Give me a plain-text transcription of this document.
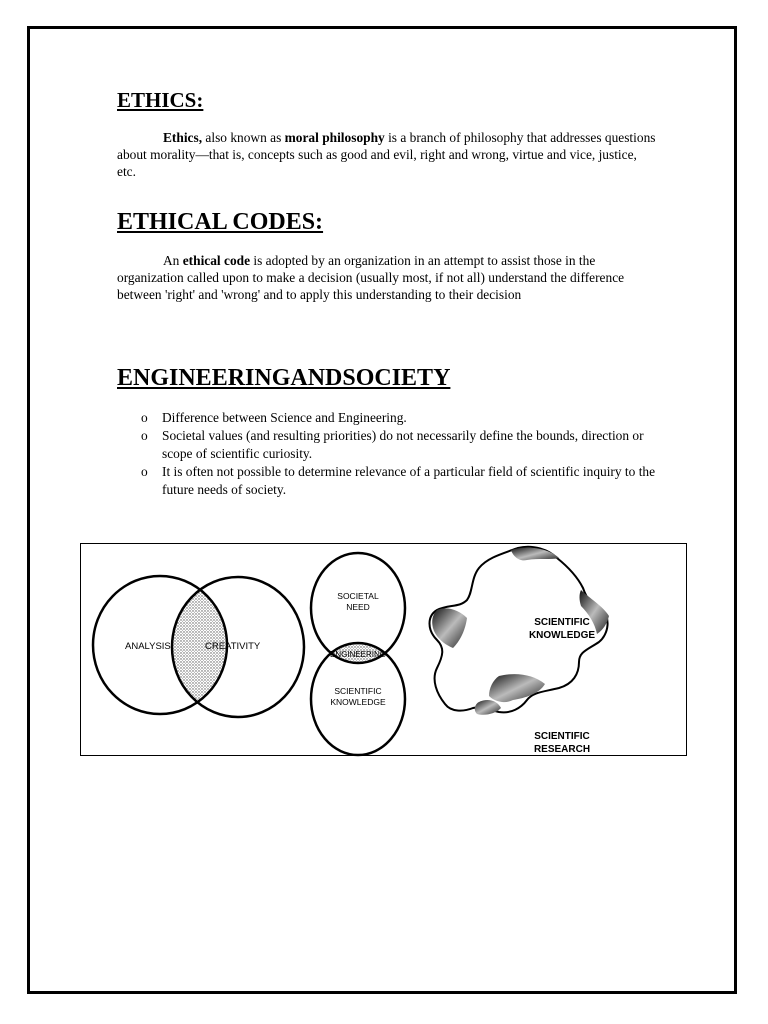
ETHICS:

Ethics, also known as moral philosophy is a branch of philosophy that addresses questions about morality—that is, concepts such as good and evil, right and wrong, virtue and vice, justice, etc.

ETHICAL CODES:

An ethical code is adopted by an organization in an attempt to assist those in the organization called upon to make a decision (usually most, if not all) understand the difference between 'right' and 'wrong' and to apply this understanding to their decision

ENGINEERINGANDSOCIETY
o Difference between Science and Engineering.
o Societal values (and resulting priorities) do not necessarily define the bounds, direction or scope of scientific curiosity.
o It is often not possible to determine relevance of a particular field of scientific inquiry to the future needs of society.
ANALYSIS	CREATIVITY
SOCIETAL
NEED
ENGINEERING
SCIENTIFIC
KNOWLEDGE
SCIENTIFIC
KNOWLEDGE
SCIENTIFIC
RESEARCH
